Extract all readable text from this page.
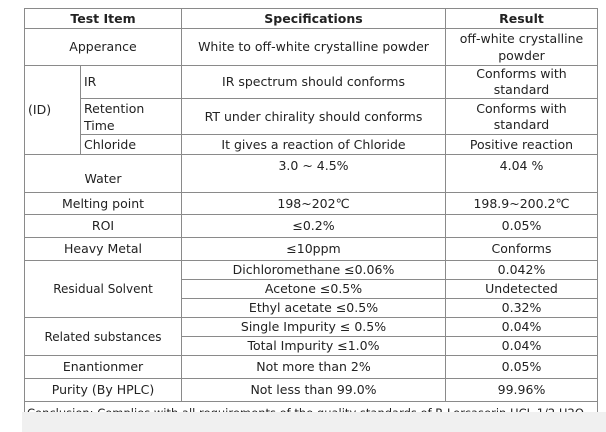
Test Item		Specifications	Result
Apperance		White to off-white crystalline powder	off-white crystalline powder

(ID)	IR	IR spectrum should conforms	Conforms with standard

	Retention Time	RT under chirality should conforms	Conforms with standard
	Chloride	It gives a reaction of Chloride	Positive reaction
Water		3.0 ~ 4.5%	4.04 %
Melting point		198~202℃	198.9~200.2℃
ROI		≤0.2%	0.05%
Heavy Metal		≤10ppm	Conforms
Residual Solvent		Dichloromethane ≤0.06%	0.042%
		Acetone ≤0.5%	Undetected
		Ethyl acetate ≤0.5%	0.32%
Related substances		Single Impurity ≤ 0.5%	0.04%
		Total Impurity ≤1.0%	0.04%
Enantionmer		Not more than 2%	0.05%
Purity (By HPLC)		Not less than 99.0%	99.96%
